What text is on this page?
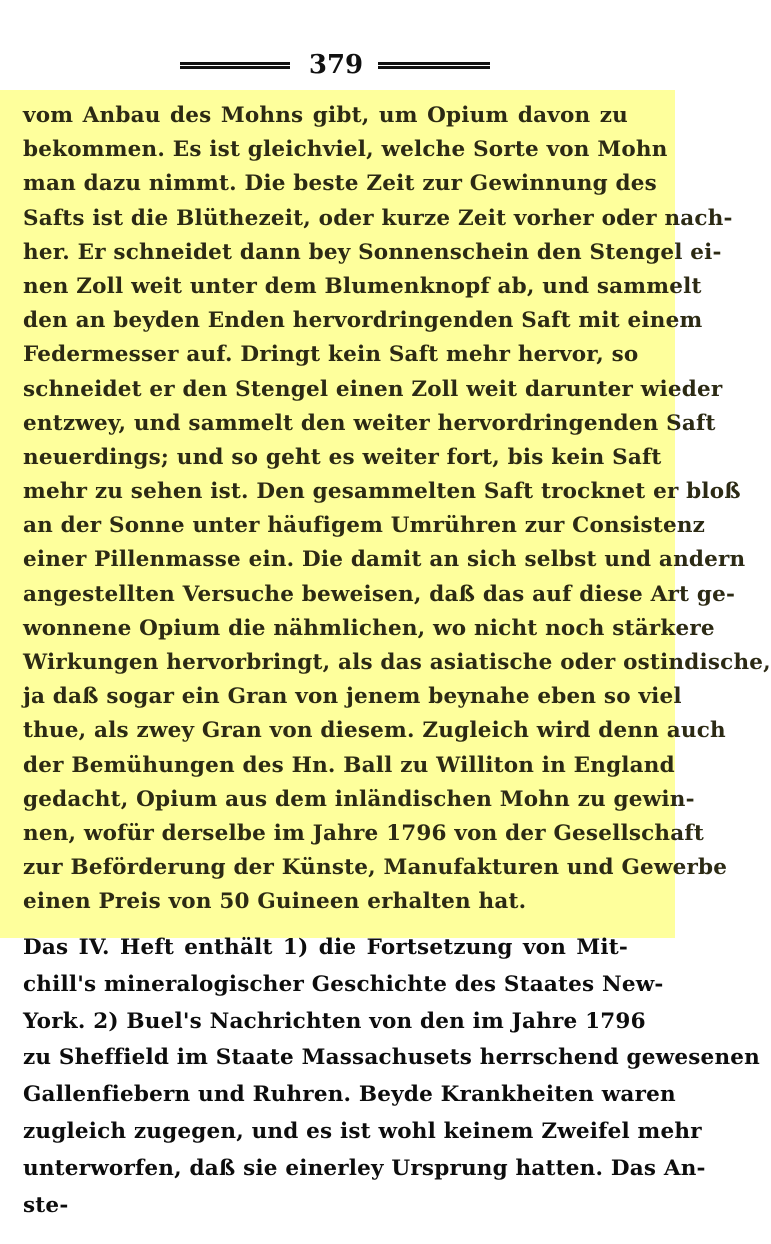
379
vom Anbau des Mohns gibt, um Opium davon zu
bekommen. Es ist gleichviel, welche Sorte von Mohn
man dazu nimmt. Die beste Zeit zur Gewinnung des
Safts ist die Blüthezeit, oder kurze Zeit vorher oder nach-
her. Er schneidet dann bey Sonnenschein den Stengel ei-
nen Zoll weit unter dem Blumenknopf ab, und sammelt
den an beyden Enden hervordringenden Saft mit einem
Federmesser auf. Dringt kein Saft mehr hervor, so
schneidet er den Stengel einen Zoll weit darunter wieder
entzwey, und sammelt den weiter hervordringenden Saft
neuerdings; und so geht es weiter fort, bis kein Saft
mehr zu sehen ist. Den gesammelten Saft trocknet er bloß
an der Sonne unter häufigem Umrühren zur Consistenz
einer Pillenmasse ein. Die damit an sich selbst und andern
angestellten Versuche beweisen, daß das auf diese Art ge-
wonnene Opium die nähmlichen, wo nicht noch stärkere
Wirkungen hervorbringt, als das asiatische oder ostindische,
ja daß sogar ein Gran von jenem beynahe eben so viel
thue, als zwey Gran von diesem. Zugleich wird denn auch
der Bemühungen des Hn. Ball zu Williton in England
gedacht, Opium aus dem inländischen Mohn zu gewin-
nen, wofür derselbe im Jahre 1796 von der Gesellschaft
zur Beförderung der Künste, Manufakturen und Gewerbe
einen Preis von 50 Guineen erhalten hat.
Das IV. Heft enthält 1) die Fortsetzung von Mit-
chill's mineralogischer Geschichte des Staates New-
York. 2) Buel's Nachrichten von den im Jahre 1796
zu Sheffield im Staate Massachusets herrschend gewesenen
Gallenfiebern und Ruhren. Beyde Krankheiten waren
zugleich zugegen, und es ist wohl keinem Zweifel mehr
unterworfen, daß sie einerley Ursprung hatten. Das An-
ste-
